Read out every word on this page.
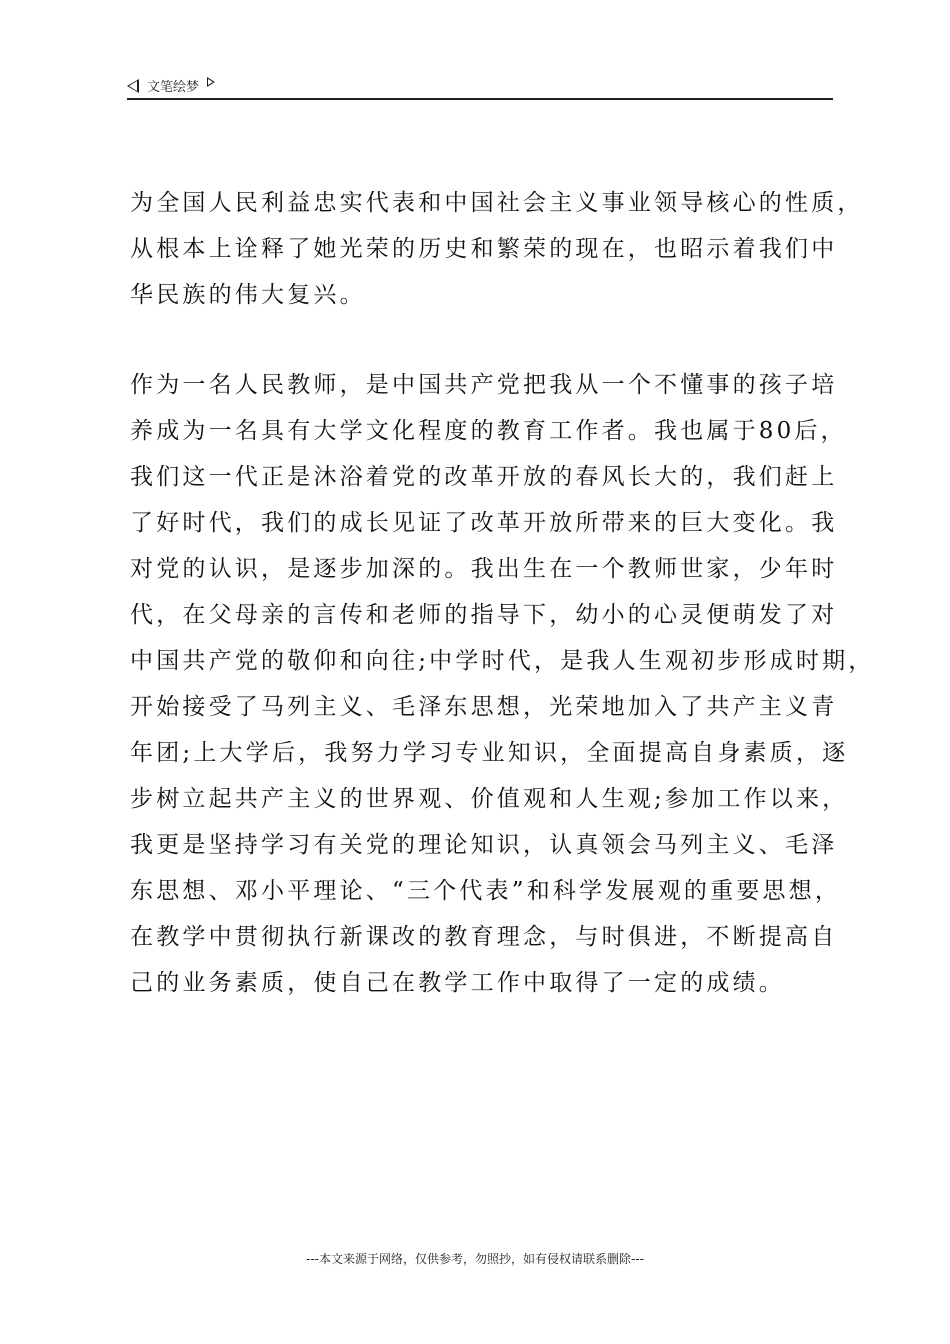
文笔绘梦
为全国人民利益忠实代表和中国社会主义事业领导核心的性质，
从根本上诠释了她光荣的历史和繁荣的现在，也昭示着我们中
华民族的伟大复兴。
作为一名人民教师，是中国共产党把我从一个不懂事的孩子培
养成为一名具有大学文化程度的教育工作者。我也属于80后，
我们这一代正是沐浴着党的改革开放的春风长大的，我们赶上
了好时代，我们的成长见证了改革开放所带来的巨大变化。我
对党的认识，是逐步加深的。我出生在一个教师世家，少年时
代，在父母亲的言传和老师的指导下，幼小的心灵便萌发了对
中国共产党的敬仰和向往;中学时代，是我人生观初步形成时期，
开始接受了马列主义、毛泽东思想，光荣地加入了共产主义青
年团;上大学后，我努力学习专业知识，全面提高自身素质，逐
步树立起共产主义的世界观、价值观和人生观;参加工作以来，
我更是坚持学习有关党的理论知识，认真领会马列主义、毛泽
东思想、邓小平理论、“三个代表”和科学发展观的重要思想，
在教学中贯彻执行新课改的教育理念，与时俱进，不断提高自
己的业务素质，使自己在教学工作中取得了一定的成绩。
---本文来源于网络，仅供参考，勿照抄，如有侵权请联系删除---
